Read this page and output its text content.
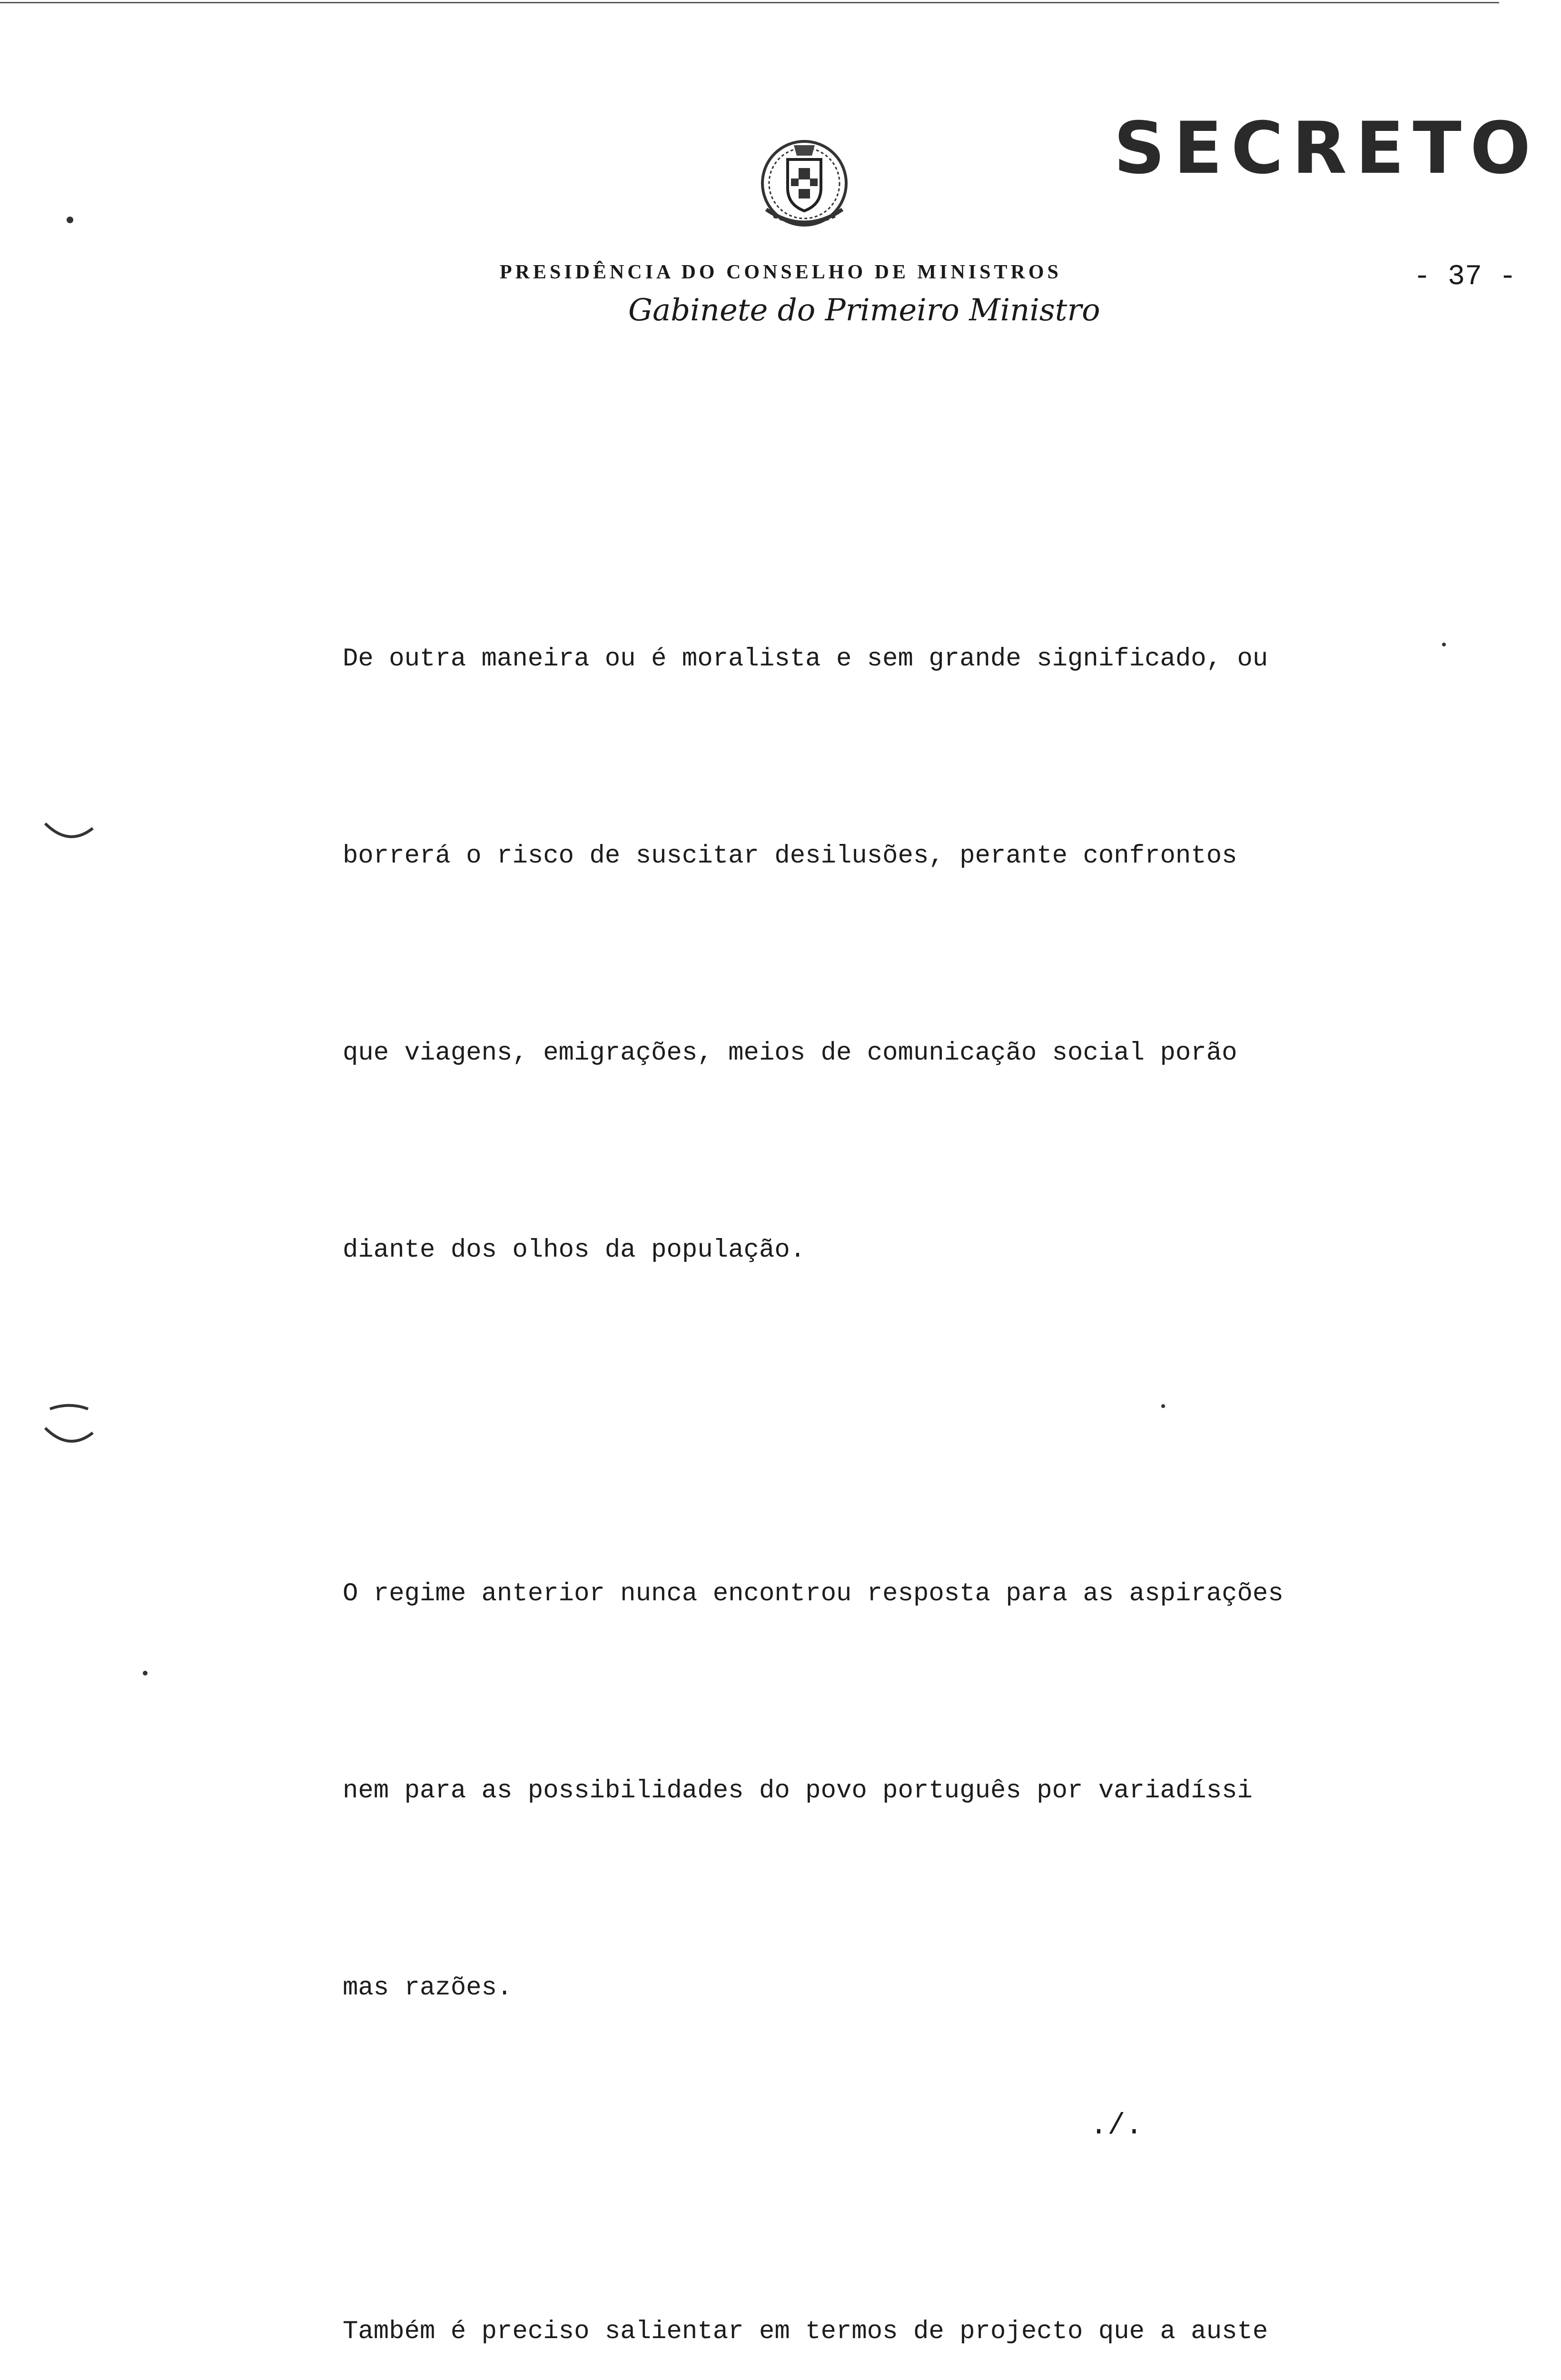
PRESIDÊNCIA DO CONSELHO DE MINISTROS
Gabinete do Primeiro Ministro
SECRETO
- 37 -

De outra maneira ou é moralista e sem grande significado, ou

borrerá o risco de suscitar desilusões, perante confrontos

que viagens, emigrações, meios de comunicação social porão

diante dos olhos da população.

O regime anterior nunca encontrou resposta para as aspirações

nem para as possibilidades do povo português por variadíssi

mas razões.

Também é preciso salientar em termos de projecto que a auste

./.
